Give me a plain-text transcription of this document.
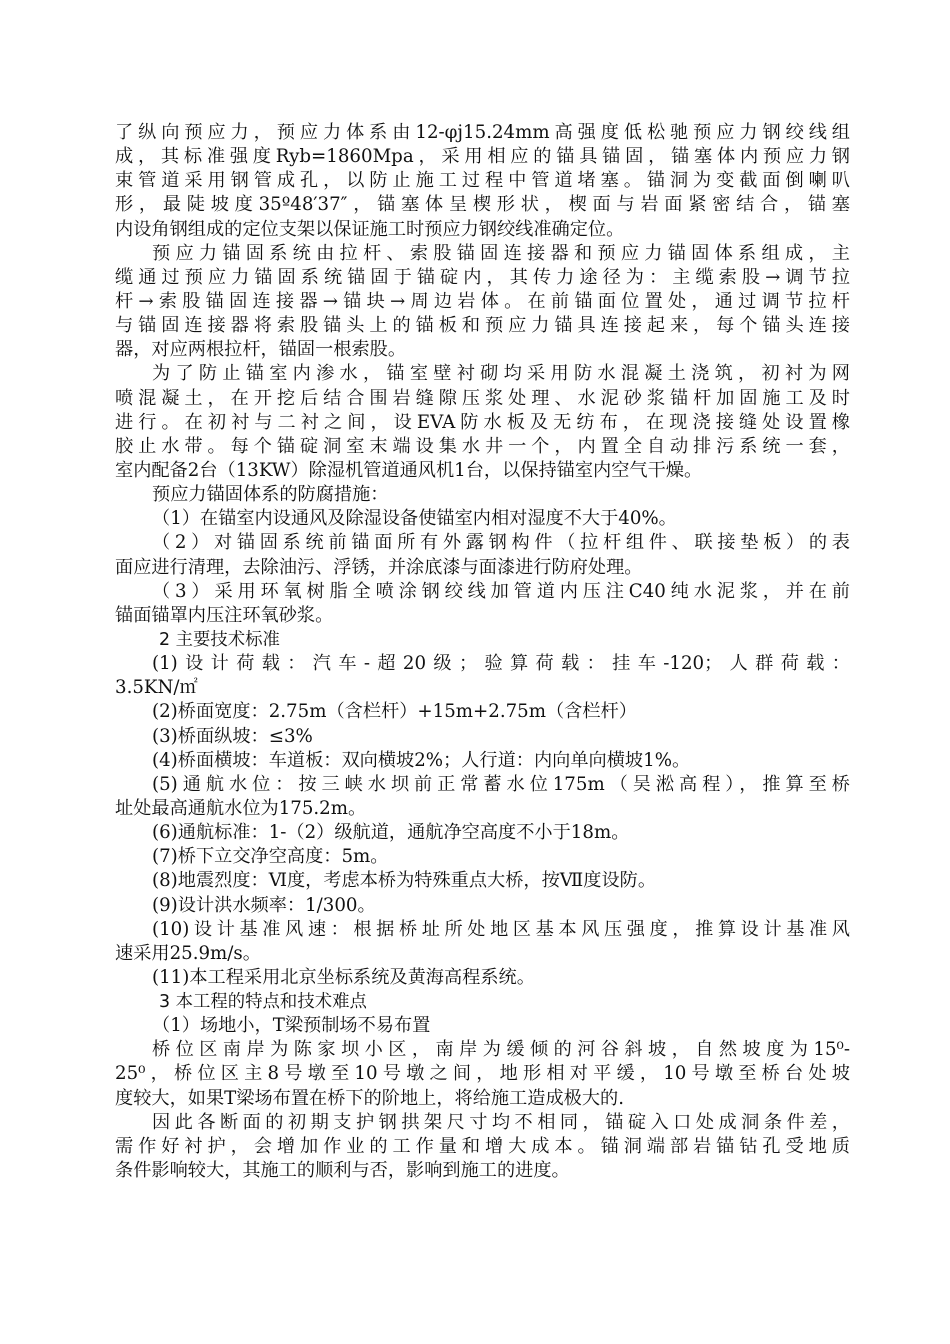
了纵向预应力，预应力体系由12-φj15.24mm高强度低松驰预应力钢绞线组
成，其标准强度Ryb=1860Mpa，采用相应的锚具锚固，锚塞体内预应力钢
束管道采用钢管成孔，以防止施工过程中管道堵塞。锚洞为变截面倒喇叭
形，最陡坡度35º48′37″，锚塞体呈楔形状，楔面与岩面紧密结合，锚塞
内设角钢组成的定位支架以保证施工时预应力钢绞线准确定位。
预应力锚固系统由拉杆、索股锚固连接器和预应力锚固体系组成，主
缆通过预应力锚固系统锚固于锚碇内，其传力途径为：主缆索股→调节拉
杆→索股锚固连接器→锚块→周边岩体。在前锚面位置处，通过调节拉杆
与锚固连接器将索股锚头上的锚板和预应力锚具连接起来，每个锚头连接
器，对应两根拉杆，锚固一根索股。
为了防止锚室内渗水，锚室壁衬砌均采用防水混凝土浇筑，初衬为网
喷混凝土，在开挖后结合围岩缝隙压浆处理、水泥砂浆锚杆加固施工及时
进行。在初衬与二衬之间，设EVA防水板及无纺布，在现浇接缝处设置橡
胶止水带。每个锚碇洞室末端设集水井一个，内置全自动排污系统一套，
室内配备2台（13KW）除湿机管道通风机1台，以保持锚室内空气干燥。
预应力锚固体系的防腐措施：
（1）在锚室内设通风及除湿设备使锚室内相对湿度不大于40%。
（2）对锚固系统前锚面所有外露钢构件（拉杆组件、联接垫板）的表
面应进行清理，去除油污、浮锈，并涂底漆与面漆进行防府处理。
（3）采用环氧树脂全喷涂钢绞线加管道内压注C40纯水泥浆，并在前
锚面锚罩内压注环氧砂浆。
2 主要技术标准
(1)设计荷载：汽车-超20级；验算荷载：挂车-120；人群荷载：
3.5KN/㎡
(2)桥面宽度：2.75m（含栏杆）+15m+2.75m（含栏杆）
(3)桥面纵坡：≤3%
(4)桥面横坡：车道板：双向横坡2%；人行道：内向单向横坡1%。
(5)通航水位：按三峡水坝前正常蓄水位175m（吴淞高程），推算至桥
址处最高通航水位为175.2m。
(6)通航标准：1-（2）级航道，通航净空高度不小于18m。
(7)桥下立交净空高度：5m。
(8)地震烈度：Ⅵ度，考虑本桥为特殊重点大桥，按Ⅶ度设防。
(9)设计洪水频率：1/300。
(10)设计基准风速：根据桥址所处地区基本风压强度，推算设计基准风
速采用25.9m/s。
(11)本工程采用北京坐标系统及黄海高程系统。
3 本工程的特点和技术难点
（1）场地小，T梁预制场不易布置
桥位区南岸为陈家坝小区，南岸为缓倾的河谷斜坡，自然坡度为15⁰-
25⁰，桥位区主8号墩至10号墩之间，地形相对平缓，10号墩至桥台处坡
度较大，如果T梁场布置在桥下的阶地上，将给施工造成极大的.
因此各断面的初期支护钢拱架尺寸均不相同，锚碇入口处成洞条件差，
需作好衬护，会增加作业的工作量和增大成本。锚洞端部岩锚钻孔受地质
条件影响较大，其施工的顺利与否，影响到施工的进度。
